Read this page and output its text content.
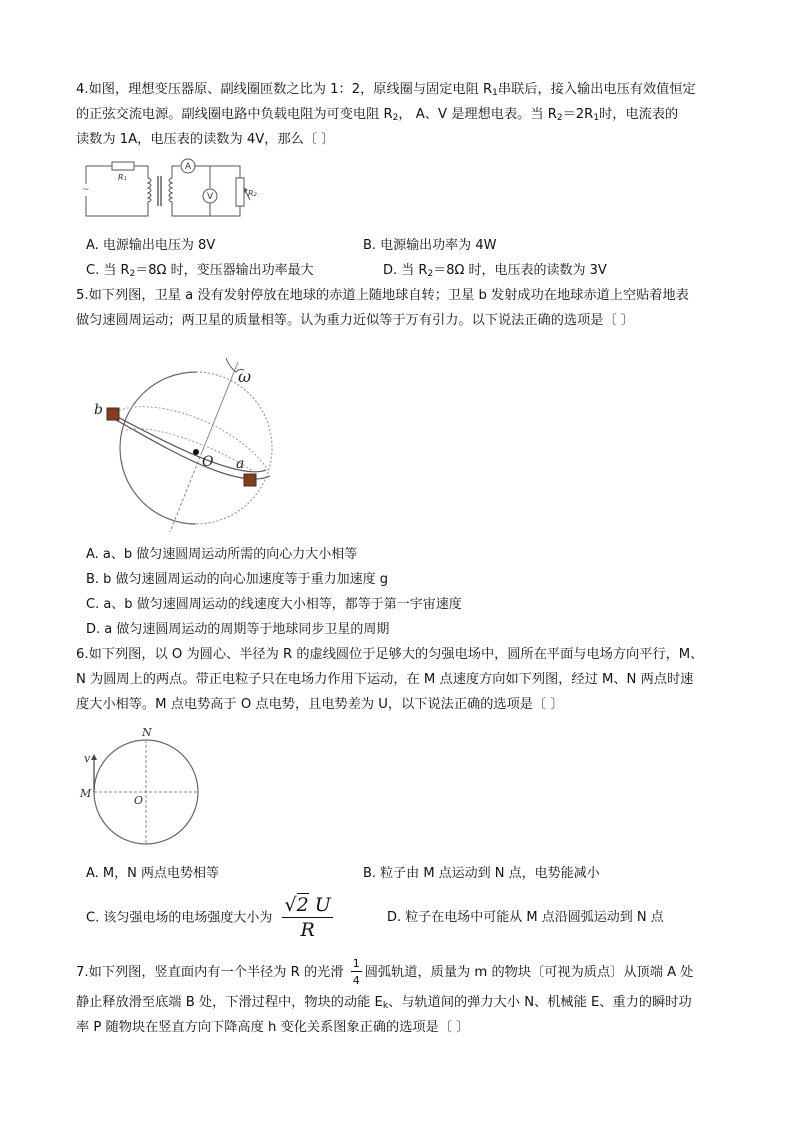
4.如图，理想变压器原、副线圈匝数之比为 1：2，原线圈与固定电阻 $R_1$串联后，接入输出电压有效值恒定
的正弦交流电源。副线圈电路中负载电阻为可变电阻 $R_2$， A、V 是理想电表。当 $R_2=2R_1$时，电流表的
读数为 1A，电压表的读数为 4V，那么〔 〕
~
R₁
A
V	R₂
A. 电源输出电压为 8V	B. 电源输出功率为 4W
C. 当 $R_2=8\Omega$ 时，变压器输出功率最大	D. 当 $R_2=8\Omega$ 时，电压表的读数为 3V
5.如下列图，卫星 a 没有发射停放在地球的赤道上随地球自转；卫星 b 发射成功在地球赤道上空贴着地表
做匀速圆周运动；两卫星的质量相等。认为重力近似等于万有引力。以下说法正确的选项是〔 〕
ω
b
O a
A. a、b 做匀速圆周运动所需的向心力大小相等
B. b 做匀速圆周运动的向心加速度等于重力加速度 g
C. a、b 做匀速圆周运动的线速度大小相等，都等于第一宇宙速度
D. a 做匀速圆周运动的周期等于地球同步卫星的周期
6.如下列图，以 O 为圆心、半径为 R 的虚线圆位于足够大的匀强电场中，圆所在平面与电场方向平行，M、
N 为圆周上的两点。带正电粒子只在电场力作用下运动，在 M 点速度方向如下列图，经过 M、N 两点时速
度大小相等。M 点电势高于 O 点电势，且电势差为 U，以下说法正确的选项是〔 〕
N
v
M
O
A. M，N 两点电势相等	B. 粒子由 M 点运动到 N 点，电势能减小
C. 该匀强电场的电场强度大小为 $\frac{√2 U}{R}$	D. 粒子在电场中可能从 M 点沿圆弧运动到 N 点
7.如下列图，竖直面内有一个半径为 R 的光滑 $\frac{1}{4}$ 圆弧轨道，质量为 m 的物块〔可视为质点〕从顶端 A 处
静止释放滑至底端 B 处，下滑过程中，物块的动能 $E_k$、与轨道间的弹力大小 N、机械能 E、重力的瞬时功
率 P 随物块在竖直方向下降高度 h 变化关系图象正确的选项是〔 〕
